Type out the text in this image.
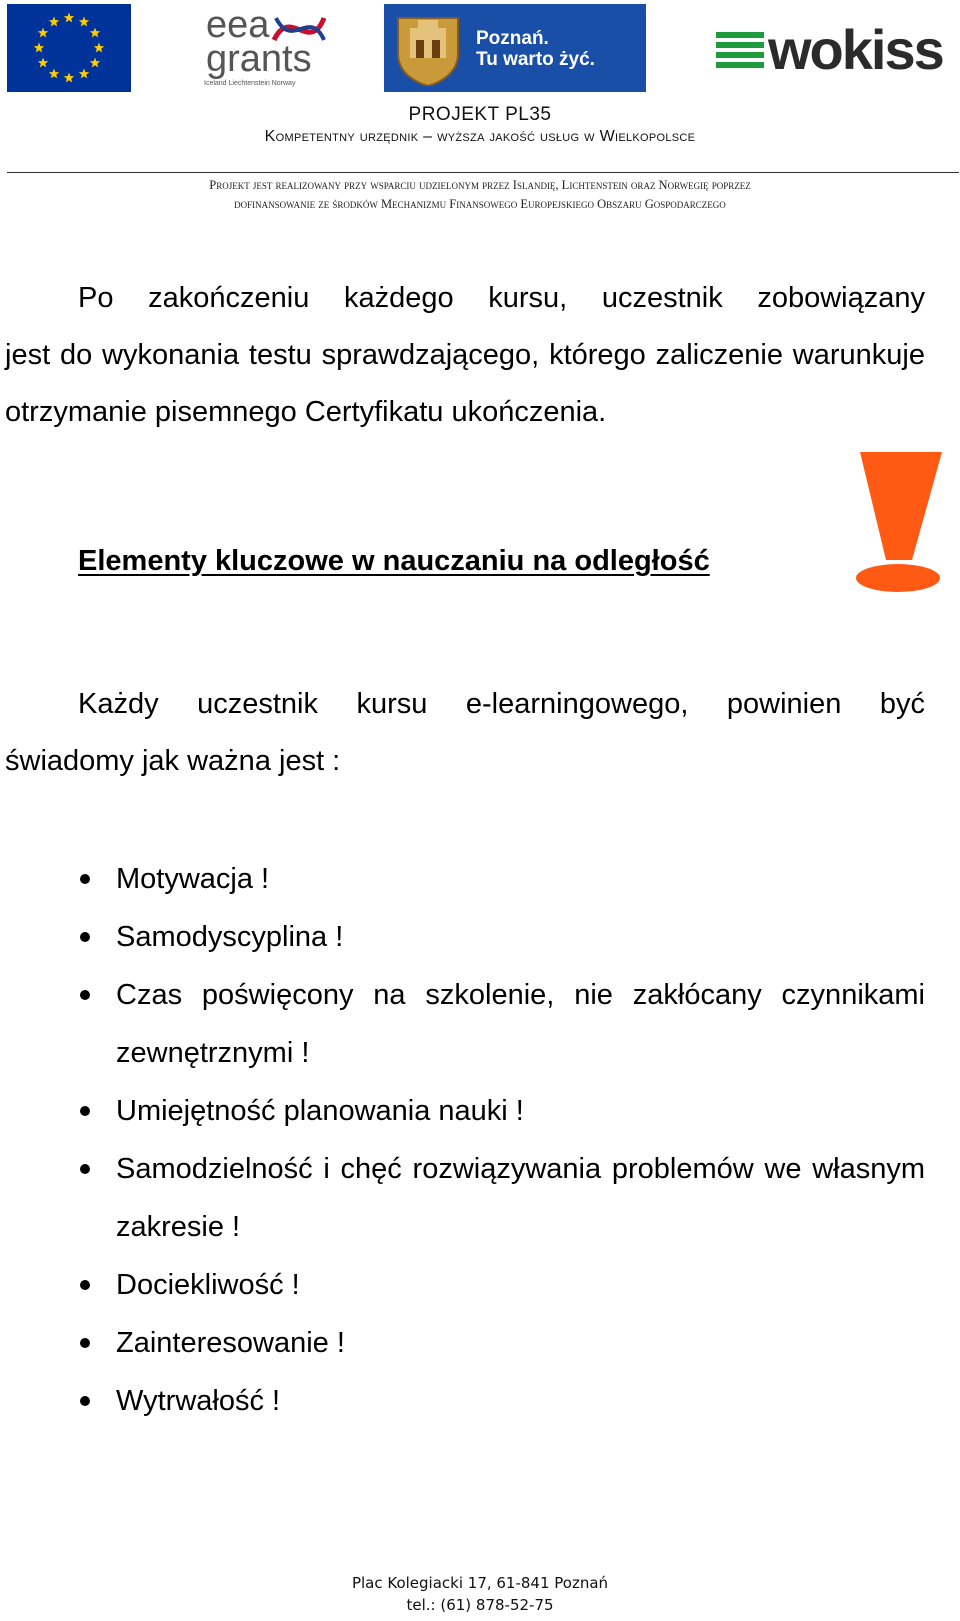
eea
grants
Iceland Liechtenstein Norway
Poznań.
Tu warto żyć.	wokiss
PROJEKT PL35
Kompetentny urzędnik – wyższa jakość usług w Wielkopolsce
Projekt jest realizowany przy wsparciu udzielonym przez Islandię, Lichtenstein oraz Norwegię poprzez
dofinansowanie ze środków Mechanizmu Finansowego Europejskiego Obszaru Gospodarczego
Po zakończeniu każdego kursu, uczestnik zobowiązany
jest do wykonania testu sprawdzającego, którego zaliczenie warunkuje otrzymanie pisemnego Certyfikatu ukończenia.
Elementy kluczowe w nauczaniu na odległość
Każdy uczestnik kursu e-learningowego, powinien być
świadomy jak ważna jest :
Motywacja !
Samodyscyplina !
Czas poświęcony na szkolenie, nie zakłócany czynnikami zewnętrznymi !
Umiejętność planowania nauki !
Samodzielność i chęć rozwiązywania problemów we własnym zakresie !
Dociekliwość !
Zainteresowanie !
Wytrwałość !
Plac Kolegiacki 17, 61-841 Poznań
tel.: (61) 878-52-75
